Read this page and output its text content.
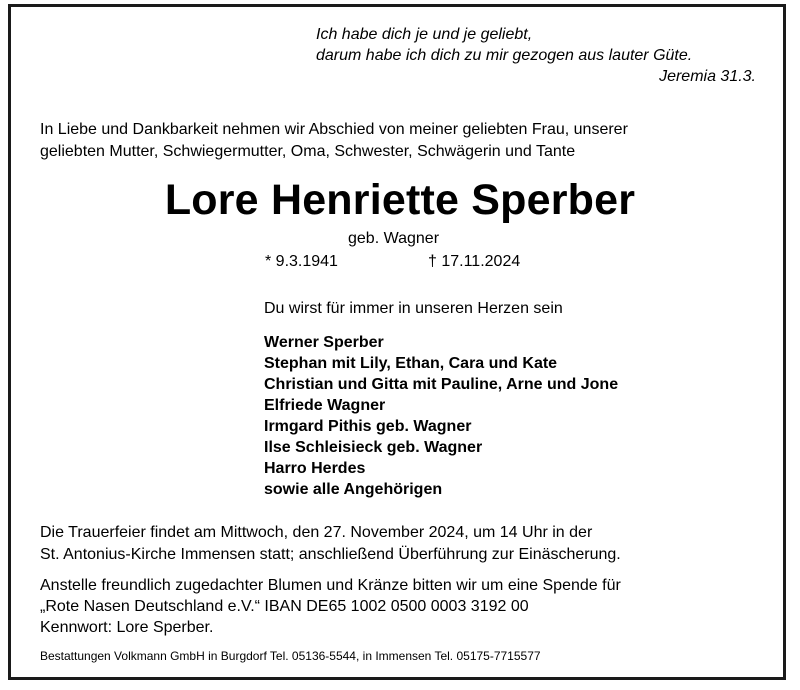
Ich habe dich je und je geliebt,
darum habe ich dich zu mir gezogen aus lauter Güte.
Jeremia 31.3.
In Liebe und Dankbarkeit nehmen wir Abschied von meiner geliebten Frau, unserer
geliebten Mutter, Schwiegermutter, Oma, Schwester, Schwägerin und Tante
Lore Henriette Sperber
geb. Wagner
* 9.3.1941	† 17.11.2024
Du wirst für immer in unseren Herzen sein
Werner Sperber
Stephan mit Lily, Ethan, Cara und Kate
Christian und Gitta mit Pauline, Arne und Jone
Elfriede Wagner
Irmgard Pithis geb. Wagner
Ilse Schleisieck geb. Wagner
Harro Herdes
sowie alle Angehörigen
Die Trauerfeier findet am Mittwoch, den 27. November 2024, um 14 Uhr in der
St. Antonius-Kirche Immensen statt; anschließend Überführung zur Einäscherung.
Anstelle freundlich zugedachter Blumen und Kränze bitten wir um eine Spende für
„Rote Nasen Deutschland e.V.“ IBAN DE65 1002 0500 0003 3192 00
Kennwort: Lore Sperber.
Bestattungen Volkmann GmbH in Burgdorf Tel. 05136-5544, in Immensen Tel. 05175-7715577
